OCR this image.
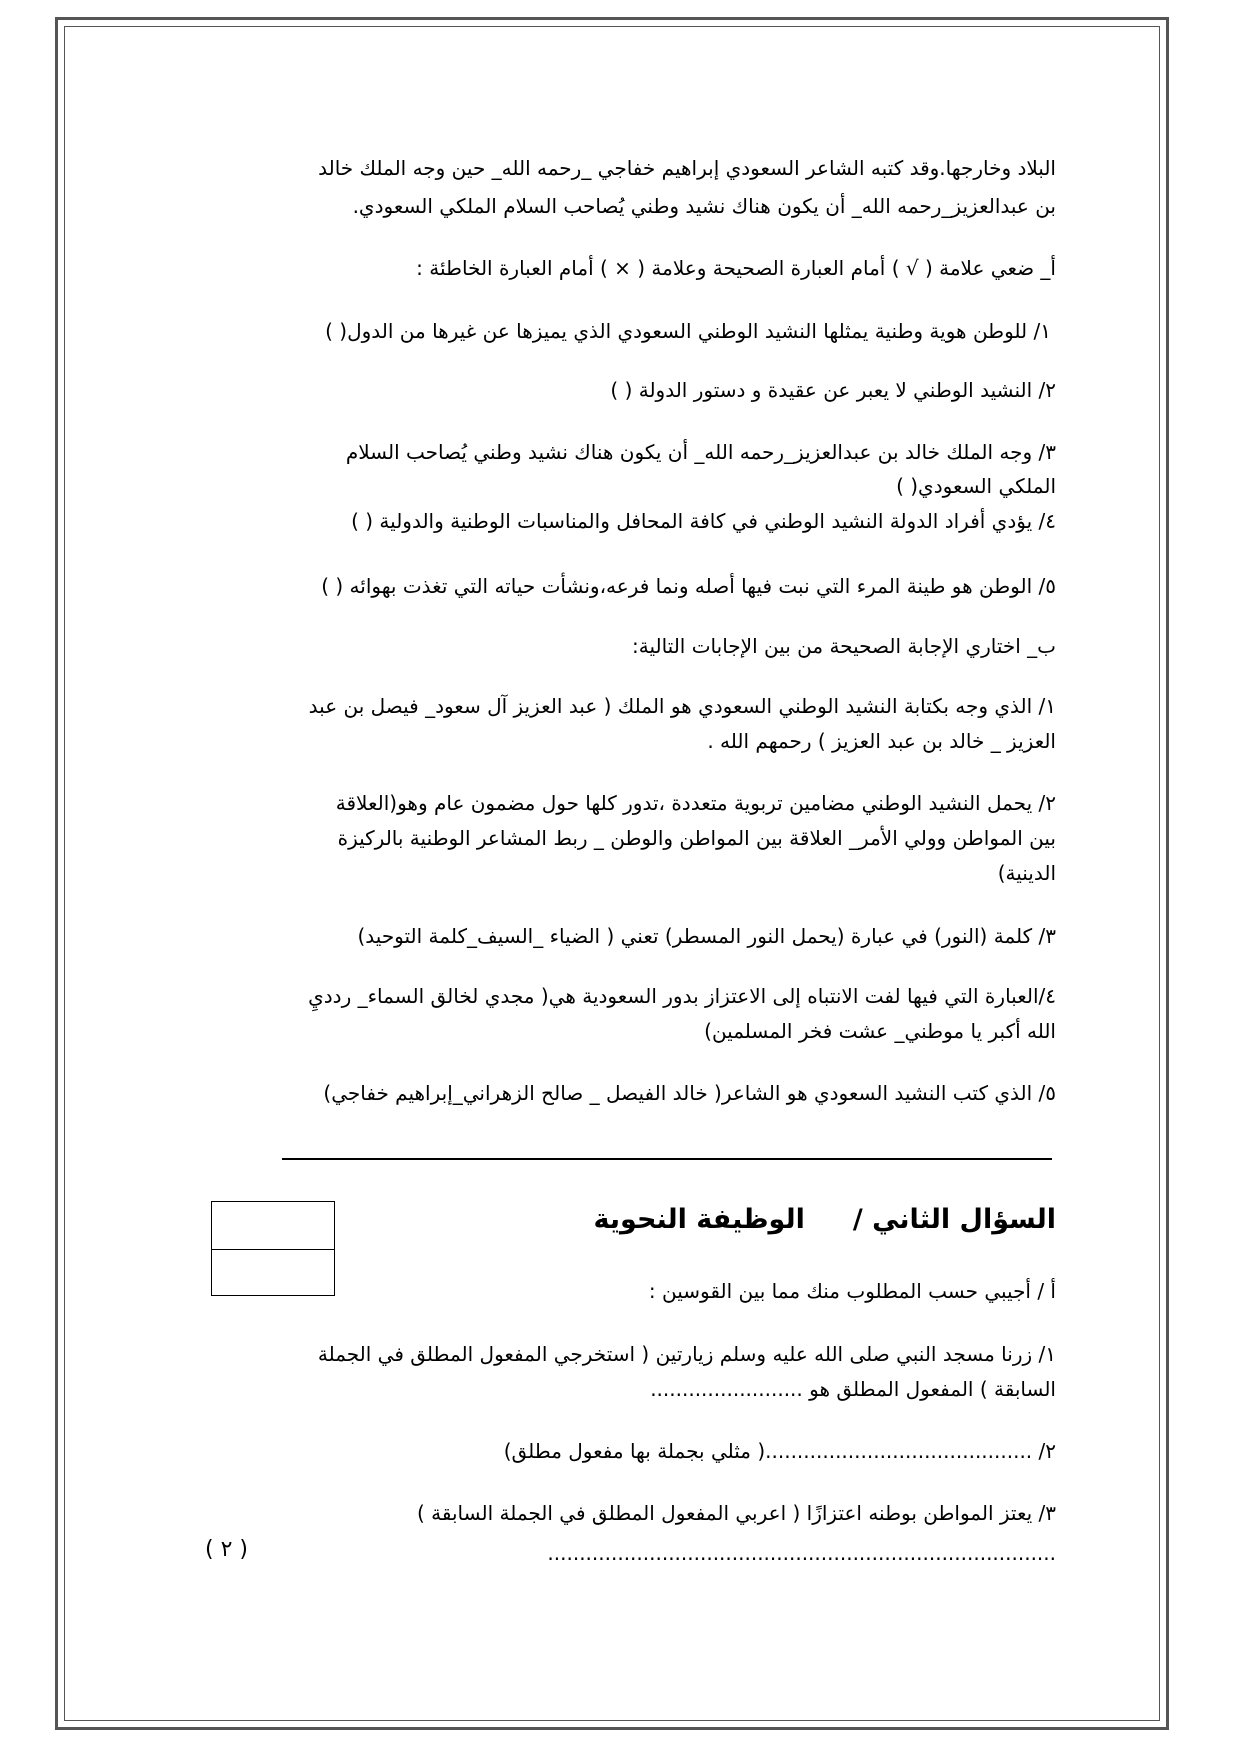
البلاد وخارجها.وقد كتبه الشاعر السعودي إبراهيم خفاجي _رحمه الله_ حين وجه الملك خالد
بن عبدالعزيز_رحمه الله_ أن يكون هناك نشيد وطني يُصاحب السلام الملكي السعودي.
أ_ ضعي علامة ( √ ) أمام العبارة الصحيحة وعلامة ( × ) أمام العبارة الخاطئة :
١/ للوطن هوية وطنية يمثلها النشيد الوطني السعودي الذي يميزها عن غيرها من الدول( )
٢/ النشيد الوطني لا يعبر عن عقيدة و دستور الدولة ( )
٣/ وجه الملك خالد بن عبدالعزيز_رحمه الله_ أن يكون هناك نشيد وطني يُصاحب السلام
الملكي السعودي( )
٤/ يؤدي أفراد الدولة النشيد الوطني في كافة المحافل والمناسبات الوطنية والدولية ( )
٥/ الوطن هو طينة المرء التي نبت فيها أصله ونما فرعه،ونشأت حياته التي تغذت بهوائه ( )
ب_ اختاري الإجابة الصحيحة من بين الإجابات التالية:
١/ الذي وجه بكتابة النشيد الوطني السعودي هو الملك ( عبد العزيز آل سعود_ فيصل بن عبد
العزيز _ خالد بن عبد العزيز ) رحمهم الله .
٢/ يحمل النشيد الوطني مضامين تربوية متعددة ،تدور كلها حول مضمون عام وهو(العلاقة
بين المواطن وولي الأمر_ العلاقة بين المواطن والوطن _ ربط المشاعر الوطنية بالركيزة
الدينية)
٣/ كلمة (النور) في عبارة (يحمل النور المسطر) تعني ( الضياء _السيف_كلمة التوحيد)
٤/العبارة التي فيها لفت الانتباه إلى الاعتزاز بدور السعودية هي( مجدي لخالق السماء_ ردديِ
الله أكبر يا موطني_ عشت فخر المسلمين)
٥/ الذي كتب النشيد السعودي هو الشاعر( خالد الفيصل _ صالح الزهراني_إبراهيم خفاجي)
السؤال الثاني /الوظيفة النحوية
أ / أجيبي حسب المطلوب منك مما بين القوسين :
١/ زرنا مسجد النبي صلى الله عليه وسلم زيارتين ( استخرجي المفعول المطلق في الجملة
السابقة ) المفعول المطلق هو ........................
٢/ ..........................................( مثلي بجملة بها مفعول مطلق)
٣/ يعتز المواطن بوطنه اعتزازًا ( اعربي المفعول المطلق في الجملة السابقة )
................................................................................
( ٢ )
